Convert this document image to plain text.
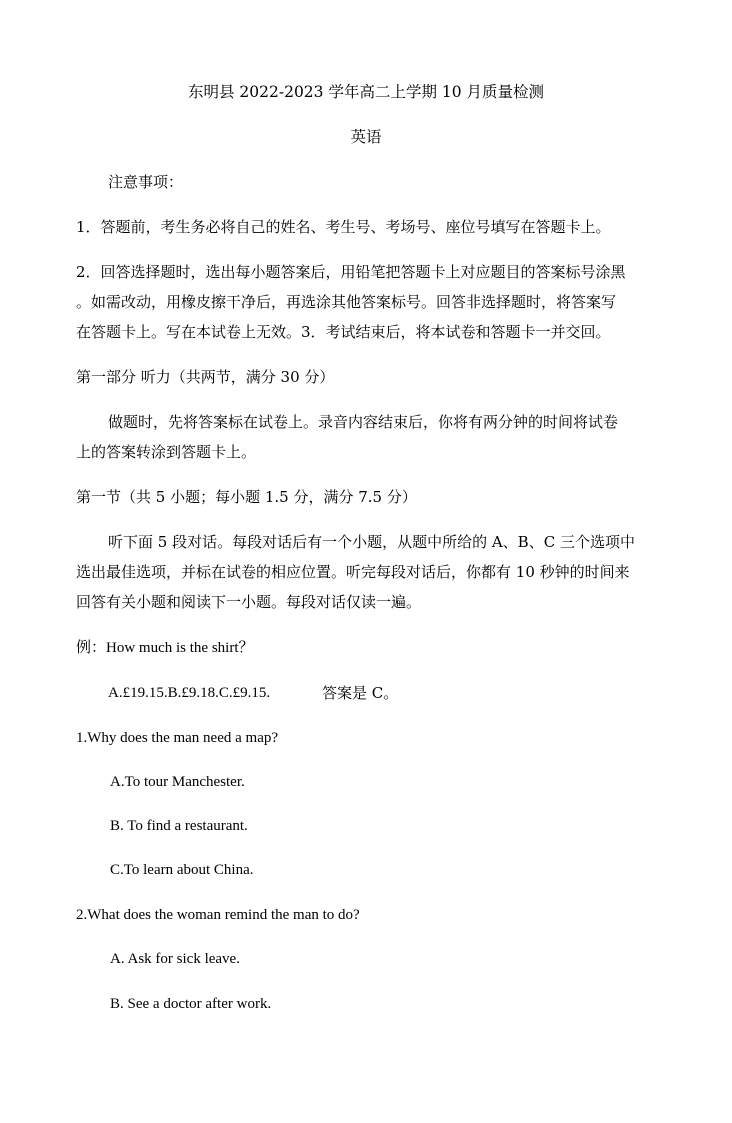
东明县 2022-2023 学年高二上学期 10 月质量检测
英语
注意事项：
1．答题前，考生务必将自己的姓名、考生号、考场号、座位号填写在答题卡上。
2．回答选择题时，选出每小题答案后，用铅笔把答题卡上对应题目的答案标号涂黑
。如需改动，用橡皮擦干净后，再选涂其他答案标号。回答非选择题时，将答案写
在答题卡上。写在本试卷上无效。3．考试结束后，将本试卷和答题卡一并交回。
第一部分 听力（共两节，满分 30 分）
做题时，先将答案标在试卷上。录音内容结束后，你将有两分钟的时间将试卷
上的答案转涂到答题卡上。
第一节（共 5 小题；每小题 1.5 分，满分 7.5 分）
听下面 5 段对话。每段对话后有一个小题，从题中所给的 A、B、C 三个选项中
选出最佳选项，并标在试卷的相应位置。听完每段对话后，你都有 10 秒钟的时间来
回答有关小题和阅读下一小题。每段对话仅读一遍。
例：How much is the shirt？
A.£19.15.B.£9.18.C.£9.15.	答案是 C。
1.Why does the man need a map?
A.To tour Manchester.
B. To find a restaurant.
C.To learn about China.
2.What does the woman remind the man to do?
A. Ask for sick leave.
B. See a doctor after work.
